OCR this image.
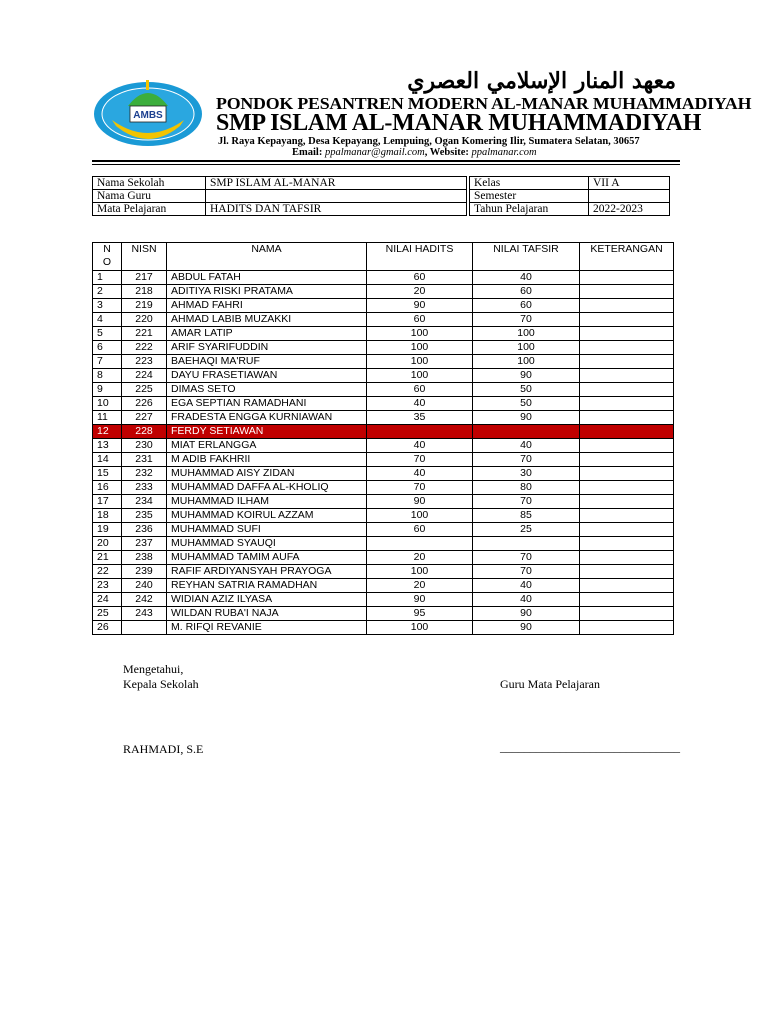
AMBS
معهد المنار الإسلامي العصري
PONDOK PESANTREN MODERN AL-MANAR MUHAMMADIYAH
SMP ISLAM AL-MANAR MUHAMMADIYAH
Jl. Raya Kepayang, Desa Kepayang, Lempuing, Ogan Komering Ilir, Sumatera Selatan, 30657
Email: ppalmanar@gmail.com, Website: ppalmanar.com
Nama Sekolah	SMP ISLAM AL-MANAR
Nama Guru	
Mata Pelajaran	HADITS DAN TAFSIR
Kelas	VII A
Semester	
Tahun Pelajaran	2022-2023
N
O	NISN	NAMA	NILAI HADITS	NILAI TAFSIR	KETERANGAN
1	217	ABDUL FATAH	60	40	
2	218	ADITIYA RISKI PRATAMA	20	60	
3	219	AHMAD FAHRI	90	60	
4	220	AHMAD LABIB MUZAKKI	60	70	
5	221	AMAR LATIP	100	100	
6	222	ARIF SYARIFUDDIN	100	100	
7	223	BAEHAQI MA'RUF	100	100	
8	224	DAYU FRASETIAWAN	100	90	
9	225	DIMAS SETO	60	50	
10	226	EGA SEPTIAN RAMADHANI	40	50	
11	227	FRADESTA ENGGA KURNIAWAN	35	90	
12	228	FERDY SETIAWAN			
13	230	MIAT ERLANGGA	40	40	
14	231	M ADIB FAKHRII	70	70	
15	232	MUHAMMAD AISY ZIDAN	40	30	
16	233	MUHAMMAD DAFFA AL-KHOLIQ	70	80	
17	234	MUHAMMAD ILHAM	90	70	
18	235	MUHAMMAD KOIRUL AZZAM	100	85	
19	236	MUHAMMAD SUFI	60	25	
20	237	MUHAMMAD SYAUQI			
21	238	MUHAMMAD TAMIM AUFA	20	70	
22	239	RAFIF ARDIYANSYAH PRAYOGA	100	70	
23	240	REYHAN SATRIA RAMADHAN	20	40	
24	242	WIDIAN AZIZ ILYASA	90	40	
25	243	WILDAN RUBA'I NAJA	95	90	
26		M. RIFQI REVANIE	100	90	
Mengetahui,
Kepala Sekolah	Guru Mata Pelajaran
RAHMADI, S.E	______________________________
